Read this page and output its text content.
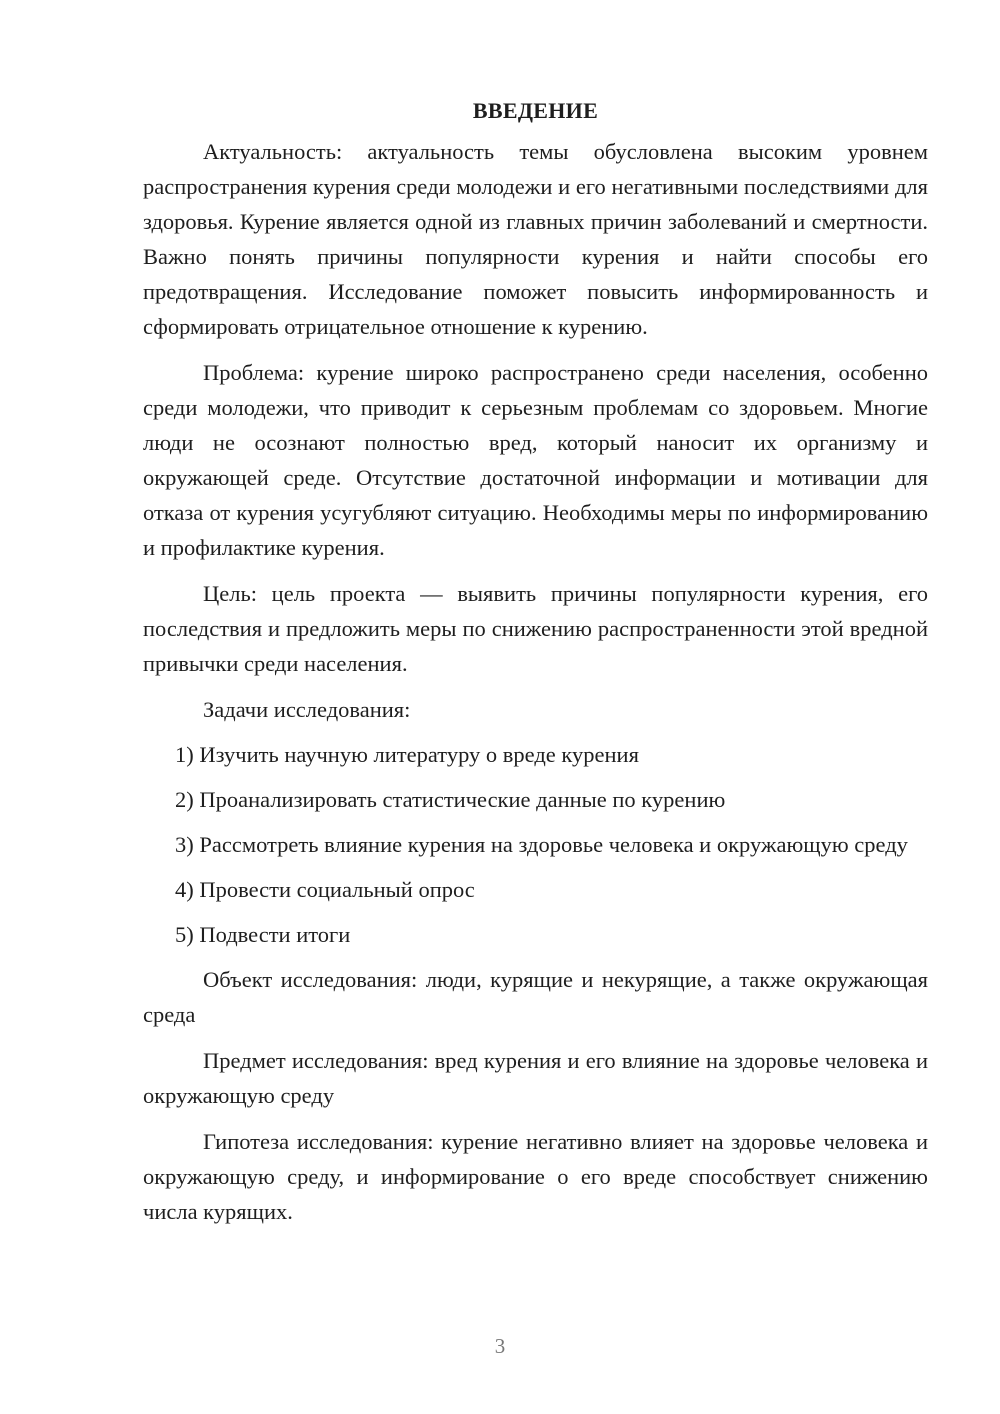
ВВЕДЕНИЕ

Актуальность: актуальность темы обусловлена высоким уровнем распространения курения среди молодежи и его негативными последствиями для здоровья. Курение является одной из главных причин заболеваний и смертности. Важно понять причины популярности курения и найти способы его предотвращения. Исследование поможет повысить информированность и сформировать отрицательное отношение к курению.

Проблема: курение широко распространено среди населения, особенно среди молодежи, что приводит к серьезным проблемам со здоровьем. Многие люди не осознают полностью вред, который наносит их организму и окружающей среде. Отсутствие достаточной информации и мотивации для отказа от курения усугубляют ситуацию. Необходимы меры по информированию и профилактике курения.

Цель: цель проекта — выявить причины популярности курения, его последствия и предложить меры по снижению распространенности этой вредной привычки среди населения.

Задачи исследования:

1) Изучить научную литературу о вреде курения

2) Проанализировать статистические данные по курению

3) Рассмотреть влияние курения на здоровье человека и окружающую среду

4) Провести социальный опрос

5) Подвести итоги

Объект исследования: люди, курящие и некурящие, а также окружающая среда

Предмет исследования: вред курения и его влияние на здоровье человека и окружающую среду

Гипотеза исследования: курение негативно влияет на здоровье человека и окружающую среду, и информирование о его вреде способствует снижению числа курящих.

3
